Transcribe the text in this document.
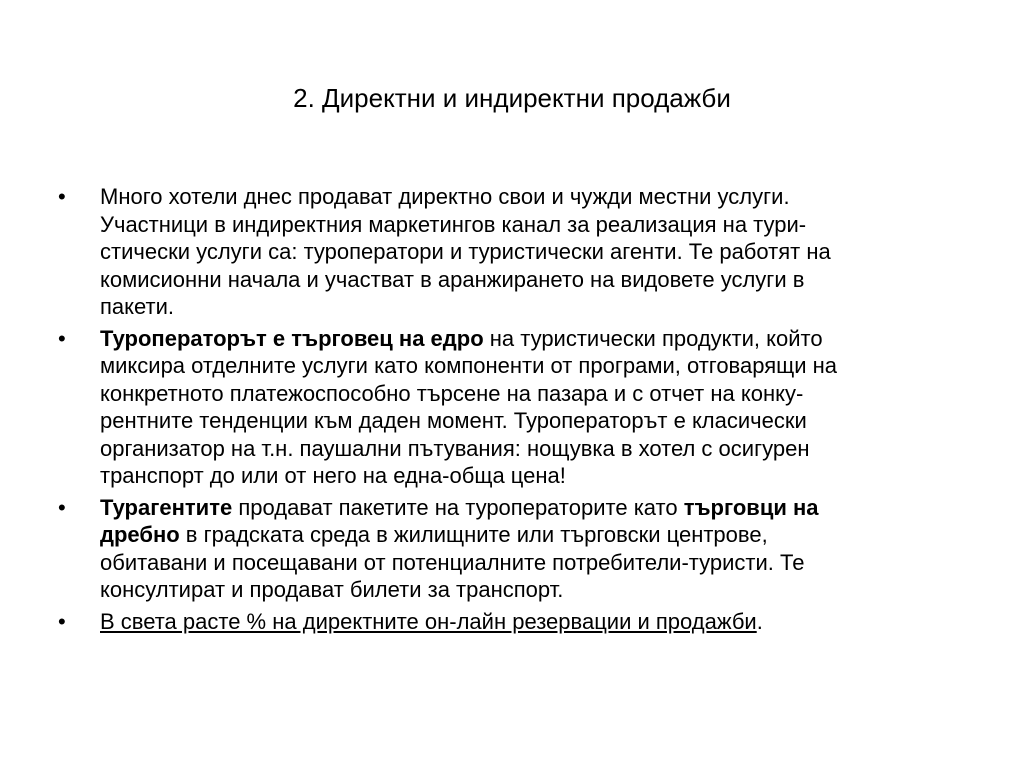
2. Директни и индиректни продажби
• Много хотели днес продават директно свои и чужди местни услуги.
Участници в индиректния маркетингов канал за реализация на тури-
стически услуги са: туроператори и туристически агенти. Те работят на
комисионни начала и участват в аранжирането на видовете услуги в
пакети.
• Туроператорът е търговец на едро на туристически продукти, който
миксира отделните услуги като компоненти от програми, отговарящи на
конкретното платежоспособно търсене на пазара и с отчет на конку-
рентните тенденции към даден момент. Туроператорът е класически
организатор на т.н. паушални пътувания: нощувка в хотел с осигурен
транспорт до или от него на една-обща цена!
• Турагентите продават пакетите на туроператорите като търговци на
дребно в градската среда в жилищните или търговски центрове,
обитавани и посещавани от потенциалните потребители-туристи. Те
консултират и продават билети за транспорт.
• В света расте % на директните он-лайн резервации и продажби.
